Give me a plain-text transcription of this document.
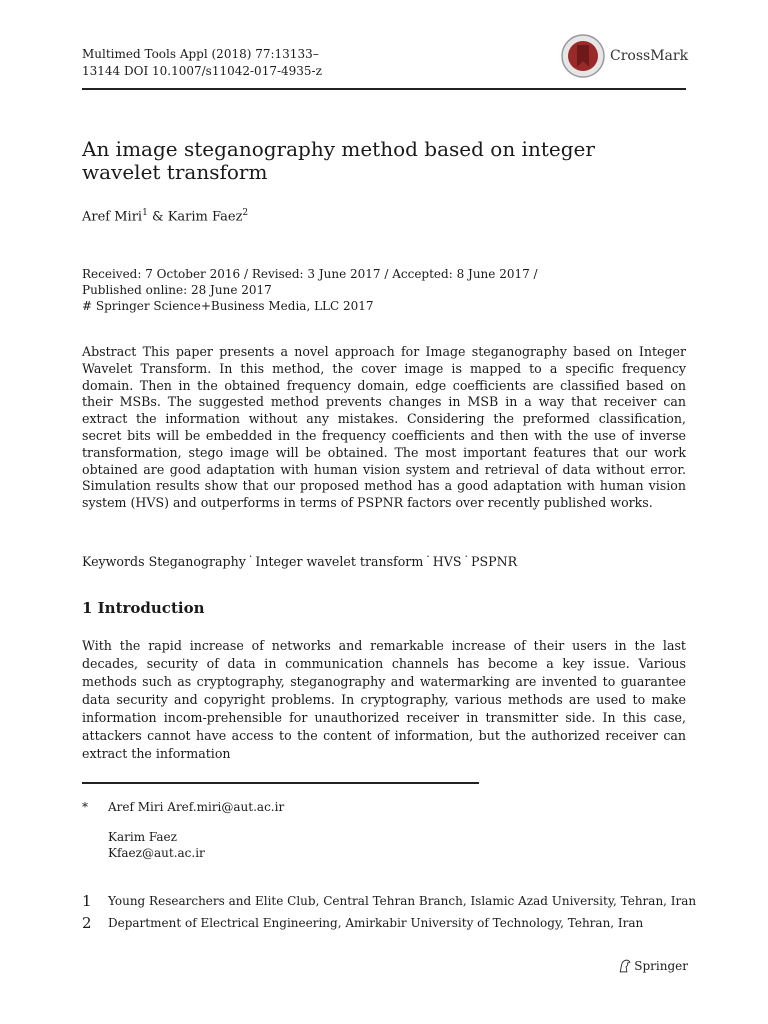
Multimed Tools Appl (2018) 77:13133–13144 DOI 10.1007/s11042-017-4935-z
CrossMark
An image steganography method based on integer wavelet transform
Aref Miri$^1$ & Karim Faez$^2$
Received: 7 October 2016 / Revised: 3 June 2017 / Accepted: 8 June 2017 /
Published online: 28 June 2017
# Springer Science+Business Media, LLC 2017
Abstract This paper presents a novel approach for Image steganography based on Integer Wavelet Transform. In this method, the cover image is mapped to a specific frequency domain. Then in the obtained frequency domain, edge coefficients are classified based on their MSBs. The suggested method prevents changes in MSB in a way that receiver can extract the information without any mistakes. Considering the preformed classification, secret bits will be embedded in the frequency coefficients and then with the use of inverse transformation, stego image will be obtained. The most important features that our work obtained are good adaptation with human vision system and retrieval of data without error. Simulation results show that our proposed method has a good adaptation with human vision system (HVS) and outperforms in terms of PSPNR factors over recently published works.
Keywords Steganography · Integer wavelet transform · HVS · PSPNR
1 Introduction
With the rapid increase of networks and remarkable increase of their users in the last decades, security of data in communication channels has become a key issue. Various methods such as cryptography, steganography and watermarking are invented to guarantee data security and copyright problems. In cryptography, various methods are used to make information incom-prehensible for unauthorized receiver in transmitter side. In this case, attackers cannot have access to the content of information, but the authorized receiver can extract the information
* Aref Miri Aref.miri@aut.ac.ir
Karim Faez
Kfaez@aut.ac.ir
1 Young Researchers and Elite Club, Central Tehran Branch, Islamic Azad University, Tehran, Iran
2 Department of Electrical Engineering, Amirkabir University of Technology, Tehran, Iran
Springer
